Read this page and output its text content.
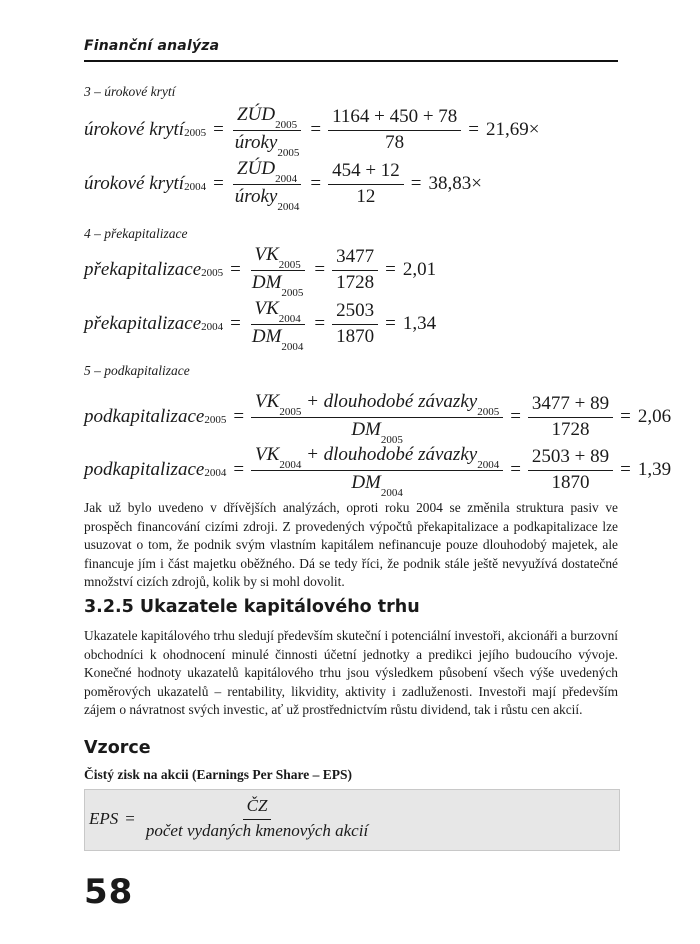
Finanční analýza
3 – úrokové krytí
úrokové krytí$_{2005}$ = $\frac{ZÚD_{2005}}{úroky_{2005}} = \frac{1164 + 450 + 78}{78} = 21,69\times$
úrokové krytí$_{2004}$ = $\frac{ZÚD_{2004}}{úroky_{2004}} = \frac{454 + 12}{12} = 38,83\times$
4 – překapitalizace
překapitalizace$_{2005}$ = $\frac{VK_{2005}}{DM_{2005}} = \frac{3477}{1728} = 2,01$
překapitalizace$_{2004}$ = $\frac{VK_{2004}}{DM_{2004}} = \frac{2503}{1870} = 1,34$
5 – podkapitalizace
podkapitalizace$_{2005}$ = $\frac{VK_{2005} + dlouhodobé závazky_{2005}}{DM_{2005}} = \frac{3477 + 89}{1728} = 2,06$
podkapitalizace$_{2004}$ = $\frac{VK_{2004} + dlouhodobé závazky_{2004}}{DM_{2004}} = \frac{2503 + 89}{1870} = 1,39$
Jak už bylo uvedeno v dřívějších analýzách, oproti roku 2004 se změnila struktura pasiv ve prospěch financování cizími zdroji. Z provedených výpočtů překapitalizace a podkapitalizace lze usuzovat o tom, že podnik svým vlastním kapitálem nefinancuje pouze dlouhodobý majetek, ale financuje jím i část majetku oběžného. Dá se tedy říci, že podnik stále ještě nevyužívá dostatečné množství cizích zdrojů, kolik by si mohl dovolit.
3.2.5 Ukazatele kapitálového trhu
Ukazatele kapitálového trhu sledují především skuteční i potenciální investoři, akcionáři a burzovní obchodníci k ohodnocení minulé činnosti účetní jednotky a predikci jejího budoucího vývoje. Konečné hodnoty ukazatelů kapitálového trhu jsou výsledkem působení všech výše uvedených poměrových ukazatelů – rentability, likvidity, aktivity i zadluženosti. Investoři mají především zájem o návratnost svých investic, ať už prostřednictvím růstu dividend, tak i růstu cen akcií.
Vzorce
Čistý zisk na akcii (Earnings Per Share – EPS)
EPS = $\frac{ČZ}{\text{počet vydaných kmenových akcií}}$
58
